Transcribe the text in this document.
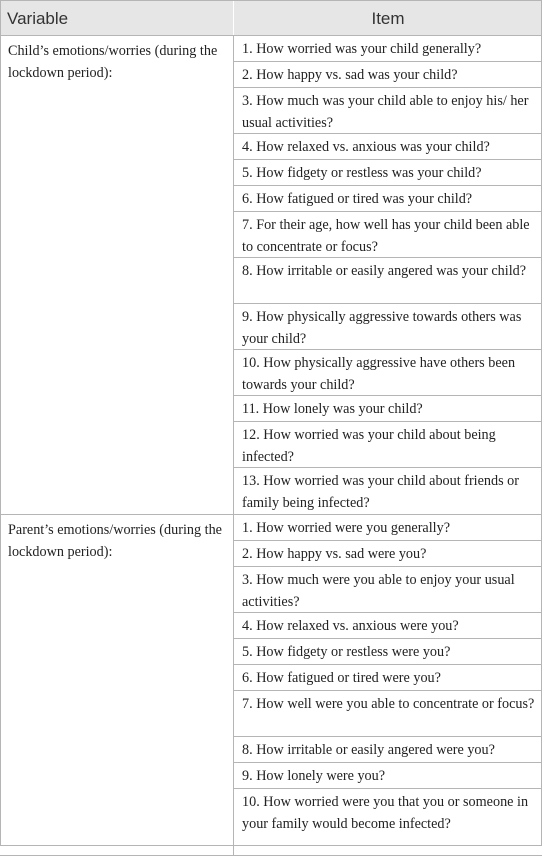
Variable	Item
Child’s emotions/worries (during the lockdown period):
1. How worried was your child generally?
2. How happy vs. sad was your child?
3. How much was your child able to enjoy his/ her usual activities?
4. How relaxed vs. anxious was your child?
5. How fidgety or restless was your child?
6. How fatigued or tired was your child?
7. For their age, how well has your child been able to concentrate or focus?
8. How irritable or easily angered was your child?
9. How physically aggressive towards others was your child?
10. How physically aggressive have others been towards your child?
11. How lonely was your child?
12. How worried was your child about being infected?
13. How worried was your child about friends or family being infected?
Parent’s emotions/worries (during the lockdown period):
1. How worried were you generally?
2. How happy vs. sad were you?
3. How much were you able to enjoy your usual activities?
4. How relaxed vs. anxious were you?
5. How fidgety or restless were you?
6. How fatigued or tired were you?
7. How well were you able to concentrate or focus?
8. How irritable or easily angered were you?
9. How lonely were you?
10. How worried were you that you or someone in your family would become infected?
